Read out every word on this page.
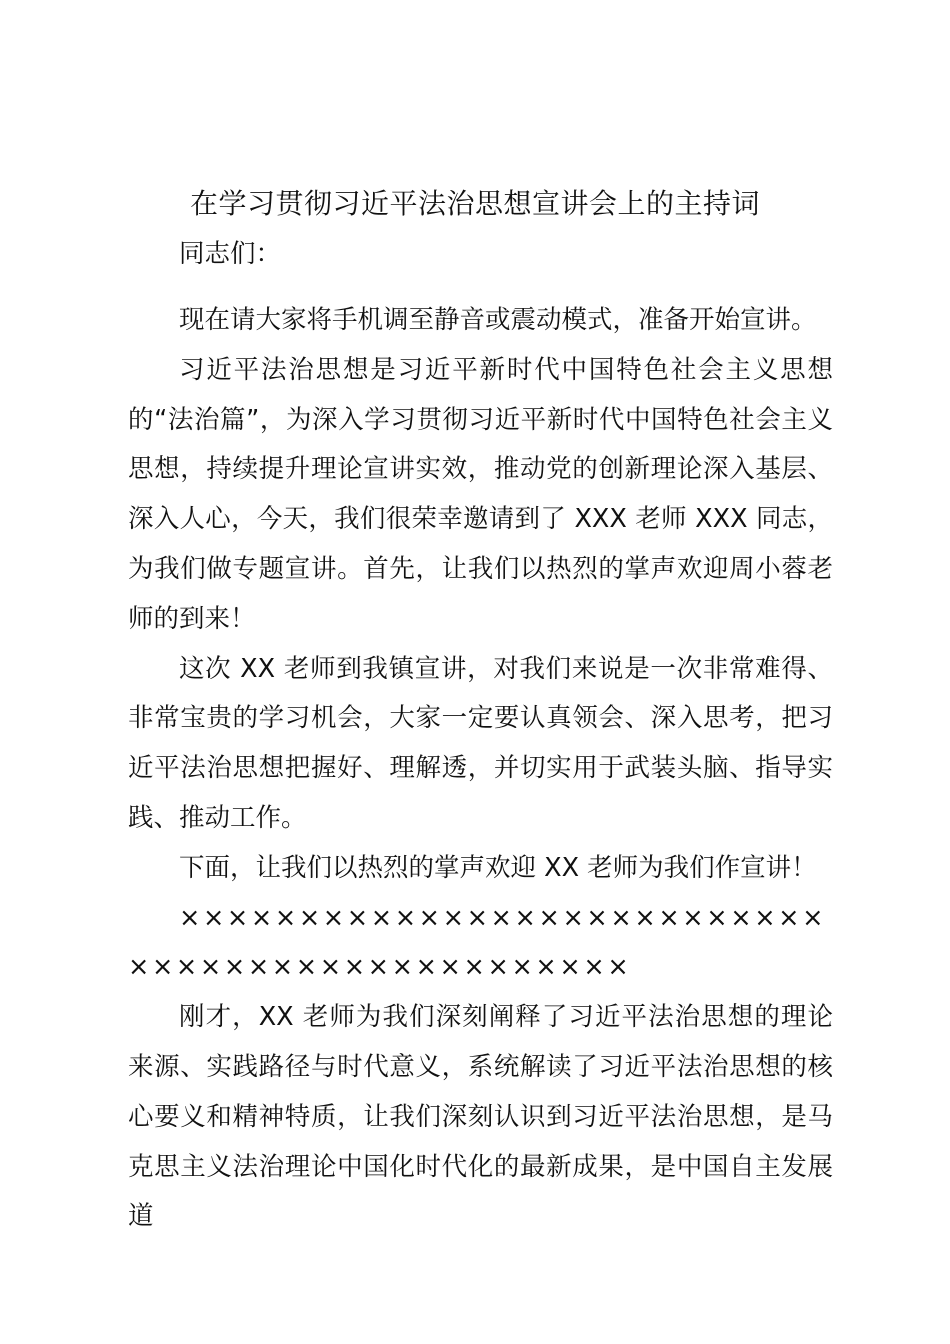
在学习贯彻习近平法治思想宣讲会上的主持词

同志们：

现在请大家将手机调至静音或震动模式，准备开始宣讲。

习近平法治思想是习近平新时代中国特色社会主义思想的“法治篇”，为深入学习贯彻习近平新时代中国特色社会主义思想，持续提升理论宣讲实效，推动党的创新理论深入基层、深入人心，今天，我们很荣幸邀请到了 XXX 老师 XXX 同志，为我们做专题宣讲。首先，让我们以热烈的掌声欢迎周小蓉老师的到来！

这次 XX 老师到我镇宣讲，对我们来说是一次非常难得、非常宝贵的学习机会，大家一定要认真领会、深入思考，把习近平法治思想把握好、理解透，并切实用于武装头脑、指导实践、推动工作。

下面，让我们以热烈的掌声欢迎 XX 老师为我们作宣讲！

××××××××××××××××××××××××××××××××××××××××××××××××

刚才，XX 老师为我们深刻阐释了习近平法治思想的理论来源、实践路径与时代意义，系统解读了习近平法治思想的核心要义和精神特质，让我们深刻认识到习近平法治思想，是马克思主义法治理论中国化时代化的最新成果，是中国自主发展道
